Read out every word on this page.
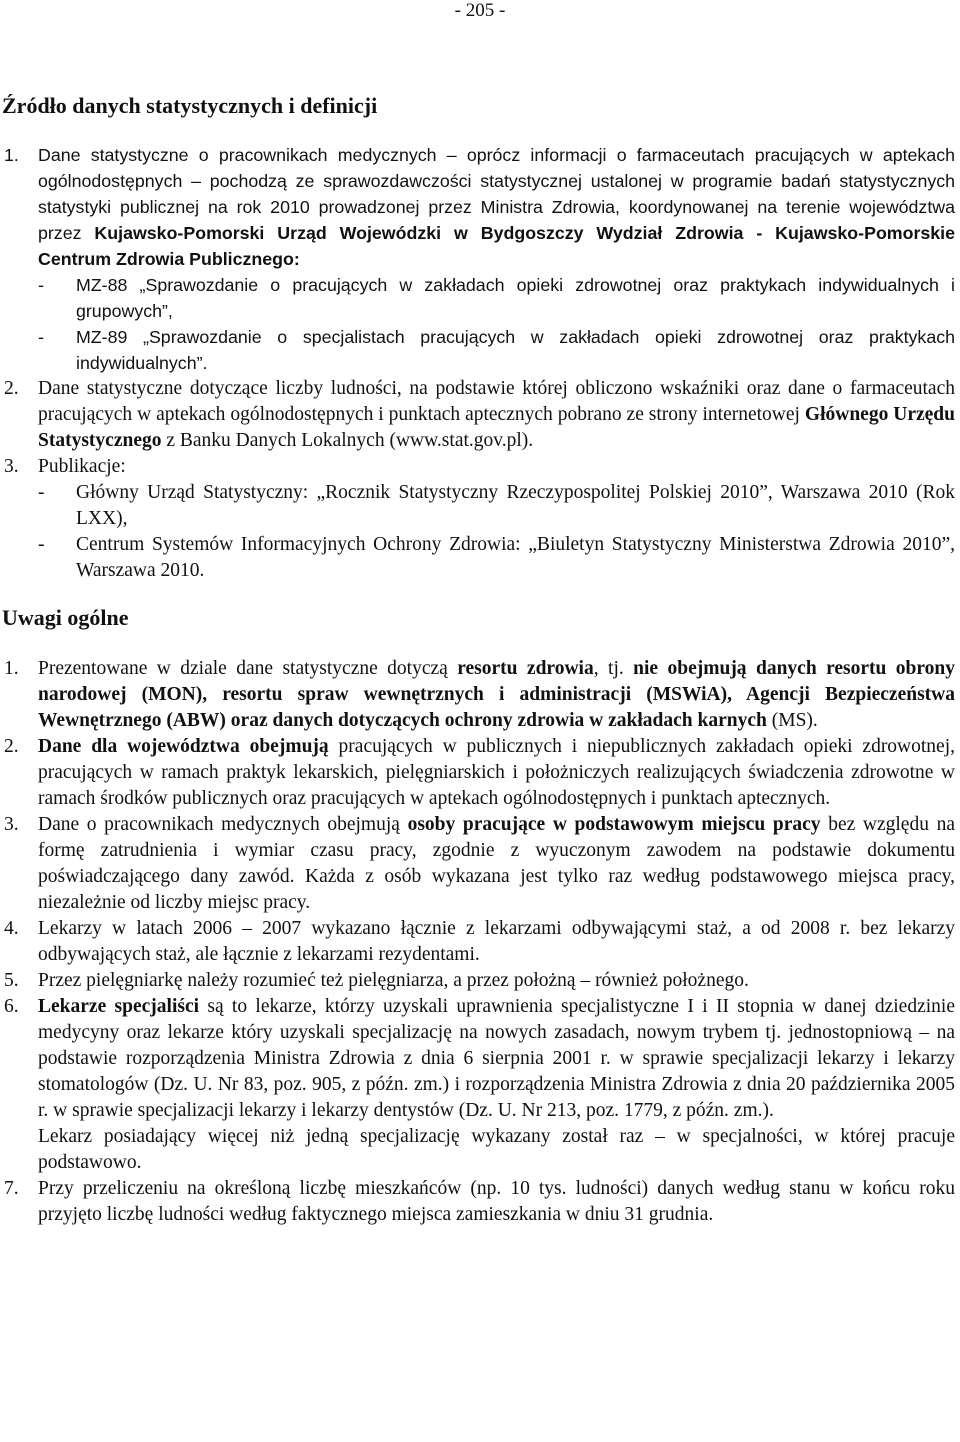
- 205 -
Źródło danych statystycznych i definicji
1. Dane statystyczne o pracownikach medycznych – oprócz informacji o farmaceutach pracujących w aptekach ogólnodostępnych – pochodzą ze sprawozdawczości statystycznej ustalonej w programie badań statystycznych statystyki publicznej na rok 2010 prowadzonej przez Ministra Zdrowia, koordynowanej na terenie województwa przez Kujawsko-Pomorski Urząd Wojewódzki w Bydgoszczy Wydział Zdrowia - Kujawsko-Pomorskie Centrum Zdrowia Publicznego:
- MZ-88 „Sprawozdanie o pracujących w zakładach opieki zdrowotnej oraz praktykach indywidualnych i grupowych”,
- MZ-89 „Sprawozdanie o specjalistach pracujących w zakładach opieki zdrowotnej oraz praktykach indywidualnych”.
2. Dane statystyczne dotyczące liczby ludności, na podstawie której obliczono wskaźniki oraz dane o farmaceutach pracujących w aptekach ogólnodostępnych i punktach aptecznych pobrano ze strony internetowej Głównego Urzędu Statystycznego z Banku Danych Lokalnych (www.stat.gov.pl).
3. Publikacje:
- Główny Urząd Statystyczny: „Rocznik Statystyczny Rzeczypospolitej Polskiej 2010”, Warszawa 2010 (Rok LXX),
- Centrum Systemów Informacyjnych Ochrony Zdrowia: „Biuletyn Statystyczny Ministerstwa Zdrowia 2010”, Warszawa 2010.
Uwagi ogólne
1. Prezentowane w dziale dane statystyczne dotyczą resortu zdrowia, tj. nie obejmują danych resortu obrony narodowej (MON), resortu spraw wewnętrznych i administracji (MSWiA), Agencji Bezpieczeństwa Wewnętrznego (ABW) oraz danych dotyczących ochrony zdrowia w zakładach karnych (MS).
2. Dane dla województwa obejmują pracujących w publicznych i niepublicznych zakładach opieki zdrowotnej, pracujących w ramach praktyk lekarskich, pielęgniarskich i położniczych realizujących świadczenia zdrowotne w ramach środków publicznych oraz pracujących w aptekach ogólnodostępnych i punktach aptecznych.
3. Dane o pracownikach medycznych obejmują osoby pracujące w podstawowym miejscu pracy bez względu na formę zatrudnienia i wymiar czasu pracy, zgodnie z wyuczonym zawodem na podstawie dokumentu poświadczającego dany zawód. Każda z osób wykazana jest tylko raz według podstawowego miejsca pracy, niezależnie od liczby miejsc pracy.
4. Lekarzy w latach 2006 – 2007 wykazano łącznie z lekarzami odbywającymi staż, a od 2008 r. bez lekarzy odbywających staż, ale łącznie z lekarzami rezydentami.
5. Przez pielęgniarkę należy rozumieć też pielęgniarza, a przez położną – również położnego.
6. Lekarze specjaliści są to lekarze, którzy uzyskali uprawnienia specjalistyczne I i II stopnia w danej dziedzinie medycyny oraz lekarze który uzyskali specjalizację na nowych zasadach, nowym trybem tj. jednostopniową – na podstawie rozporządzenia Ministra Zdrowia z dnia 6 sierpnia 2001 r. w sprawie specjalizacji lekarzy i lekarzy stomatologów (Dz. U. Nr 83, poz. 905, z późn. zm.) i rozporządzenia Ministra Zdrowia z dnia 20 października 2005 r. w sprawie specjalizacji lekarzy i lekarzy dentystów (Dz. U. Nr 213, poz. 1779, z późn. zm.).
Lekarz posiadający więcej niż jedną specjalizację wykazany został raz – w specjalności, w której pracuje podstawowo.
7. Przy przeliczeniu na określoną liczbę mieszkańców (np. 10 tys. ludności) danych według stanu w końcu roku przyjęto liczbę ludności według faktycznego miejsca zamieszkania w dniu 31 grudnia.
